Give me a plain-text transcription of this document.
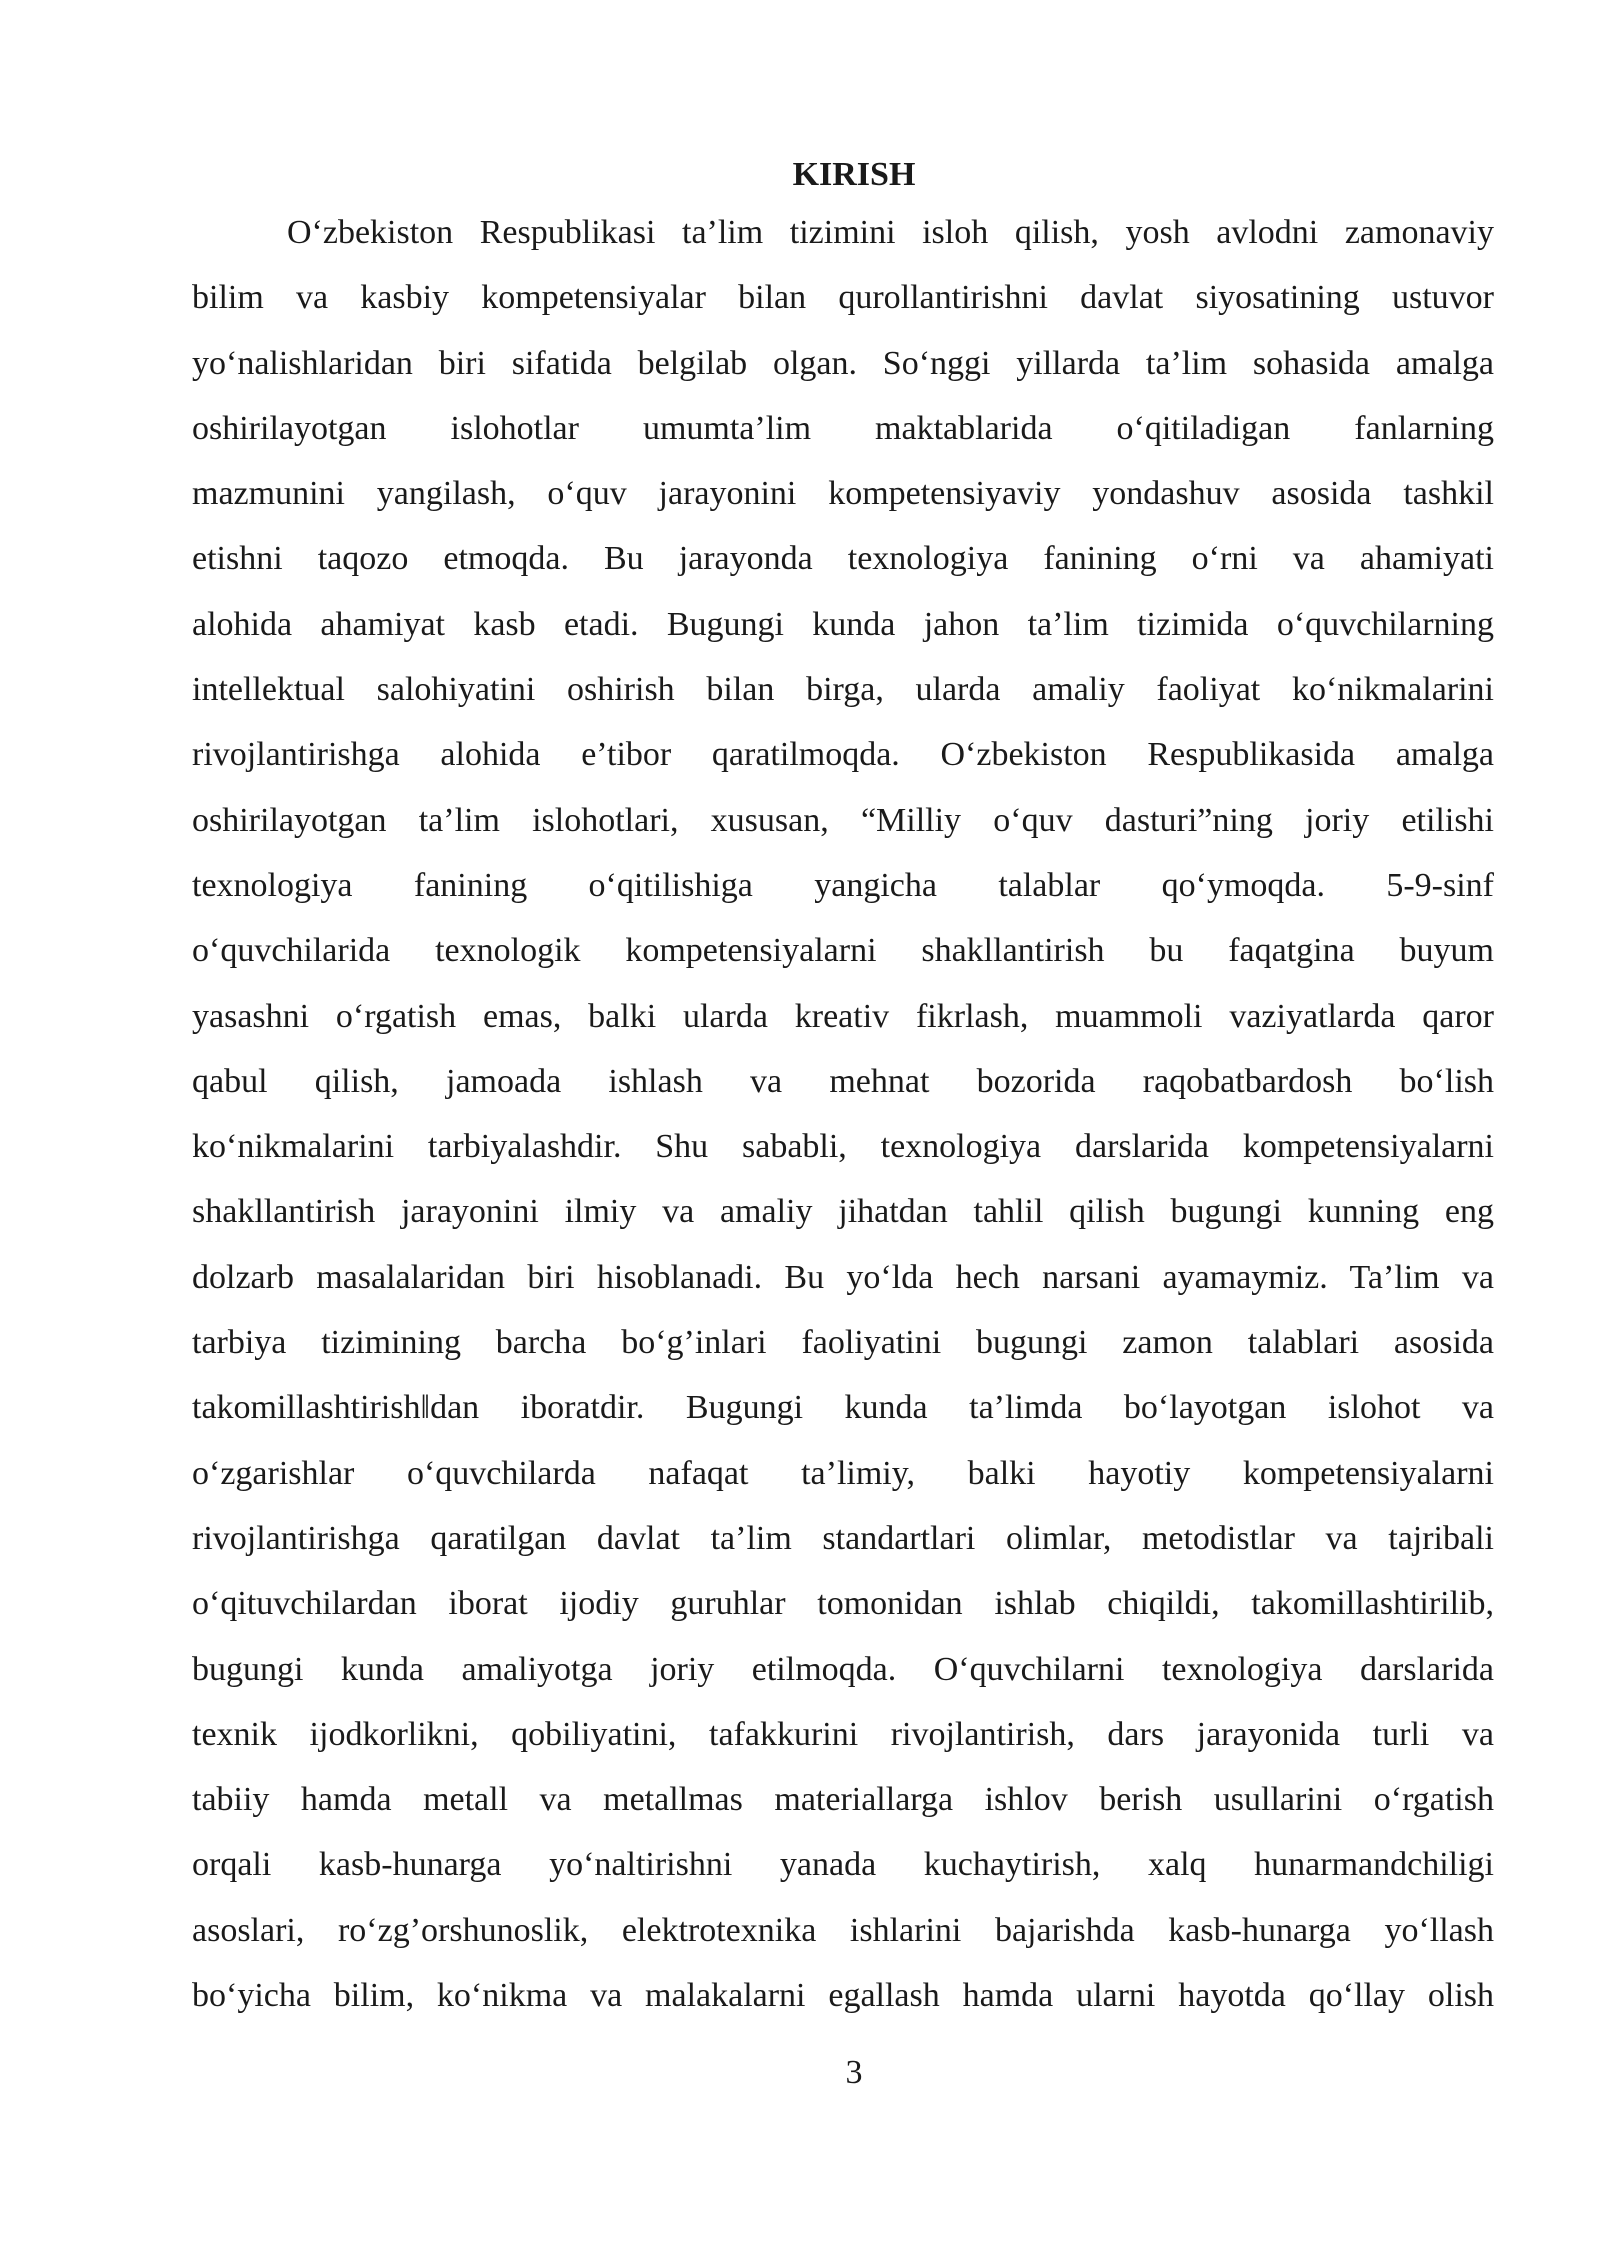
KIRISH
O‘zbekiston Respublikasi ta’lim tizimini isloh qilish, yosh avlodni zamonaviy
bilim va kasbiy kompetensiyalar bilan qurollantirishni davlat siyosatining ustuvor
yo‘nalishlaridan biri sifatida belgilab olgan. So‘nggi yillarda ta’lim sohasida amalga
oshirilayotgan islohotlar umumta’lim maktablarida o‘qitiladigan fanlarning
mazmunini yangilash, o‘quv jarayonini kompetensiyaviy yondashuv asosida tashkil
etishni taqozo etmoqda. Bu jarayonda texnologiya fanining o‘rni va ahamiyati
alohida ahamiyat kasb etadi. Bugungi kunda jahon ta’lim tizimida o‘quvchilarning
intellektual salohiyatini oshirish bilan birga, ularda amaliy faoliyat ko‘nikmalarini
rivojlantirishga alohida e’tibor qaratilmoqda. O‘zbekiston Respublikasida amalga
oshirilayotgan ta’lim islohotlari, xususan, “Milliy o‘quv dasturi”ning joriy etilishi
texnologiya fanining o‘qitilishiga yangicha talablar qo‘ymoqda. 5-9-sinf
o‘quvchilarida texnologik kompetensiyalarni shakllantirish bu faqatgina buyum
yasashni o‘rgatish emas, balki ularda kreativ fikrlash, muammoli vaziyatlarda qaror
qabul qilish, jamoada ishlash va mehnat bozorida raqobatbardosh bo‘lish
ko‘nikmalarini tarbiyalashdir. Shu sababli, texnologiya darslarida kompetensiyalarni
shakllantirish jarayonini ilmiy va amaliy jihatdan tahlil qilish bugungi kunning eng
dolzarb masalalaridan biri hisoblanadi. Bu yo‘lda hech narsani ayamaymiz. Ta’lim va
tarbiya tizimining barcha bo‘g’inlari faoliyatini bugungi zamon talablari asosida
takomillashtirish‖dan iboratdir. Bugungi kunda ta’limda bo‘layotgan islohot va
o‘zgarishlar o‘quvchilarda nafaqat ta’limiy, balki hayotiy kompetensiyalarni
rivojlantirishga qaratilgan davlat ta’lim standartlari olimlar, metodistlar va tajribali
o‘qituvchilardan iborat ijodiy guruhlar tomonidan ishlab chiqildi, takomillashtirilib,
bugungi kunda amaliyotga joriy etilmoqda. O‘quvchilarni texnologiya darslarida
texnik ijodkorlikni, qobiliyatini, tafakkurini rivojlantirish, dars jarayonida turli va
tabiiy hamda metall va metallmas materiallarga ishlov berish usullarini o‘rgatish
orqali kasb-hunarga yo‘naltirishni yanada kuchaytirish, xalq hunarmandchiligi
asoslari, ro‘zg’orshunoslik, elektrotexnika ishlarini bajarishda kasb-hunarga yo‘llash
bo‘yicha bilim, ko‘nikma va malakalarni egallash hamda ularni hayotda qo‘llay olish
3
